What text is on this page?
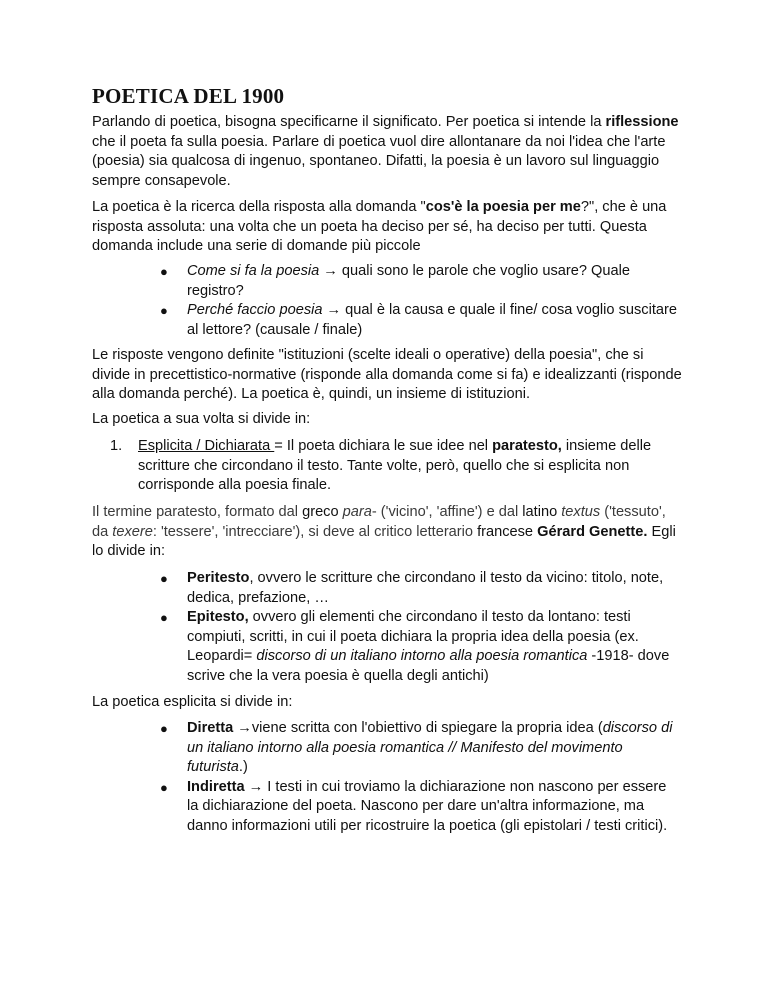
POETICA DEL 1900

Parlando di poetica, bisogna specificarne il significato. Per poetica si intende la riflessione che il poeta fa sulla poesia. Parlare di poetica vuol dire allontanare da noi l'idea che l'arte (poesia) sia qualcosa di ingenuo, spontaneo. Difatti, la poesia è un lavoro sul linguaggio sempre consapevole.

La poetica è la ricerca della risposta alla domanda "cos'è la poesia per me?", che è una risposta assoluta: una volta che un poeta ha deciso per sé, ha deciso per tutti. Questa domanda include una serie di domande più piccole

● Come si fa la poesia → quali sono le parole che voglio usare? Quale registro?
● Perché faccio poesia → qual è la causa e quale il fine/ cosa voglio suscitare al lettore? (causale / finale)

Le risposte vengono definite "istituzioni (scelte ideali o operative) della poesia", che si divide in precettistico-normative (risponde alla domanda come si fa) e idealizzanti (risponde alla domanda perché). La poetica è, quindi, un insieme di istituzioni.

La poetica a sua volta si divide in:

1. Esplicita / Dichiarata = Il poeta dichiara le sue idee nel paratesto, insieme delle scritture che circondano il testo. Tante volte, però, quello che si esplicita non corrisponde alla poesia finale.

Il termine paratesto, formato dal greco para- ('vicino', 'affine') e dal latino textus ('tessuto', da texere: 'tessere', 'intrecciare'), si deve al critico letterario francese Gérard Genette. Egli lo divide in:

● Peritesto, ovvero le scritture che circondano il testo da vicino: titolo, note, dedica, prefazione, …
● Epitesto, ovvero gli elementi che circondano il testo da lontano: testi compiuti, scritti, in cui il poeta dichiara la propria idea della poesia (ex. Leopardi= discorso di un italiano intorno alla poesia romantica -1918- dove scrive che la vera poesia è quella degli antichi)

La poetica esplicita si divide in:

● Diretta →viene scritta con l'obiettivo di spiegare la propria idea (discorso di un italiano intorno alla poesia romantica // Manifesto del movimento futurista.)
● Indiretta → I testi in cui troviamo la dichiarazione non nascono per essere la dichiarazione del poeta. Nascono per dare un'altra informazione, ma danno informazioni utili per ricostruire la poetica (gli epistolari / testi critici).
